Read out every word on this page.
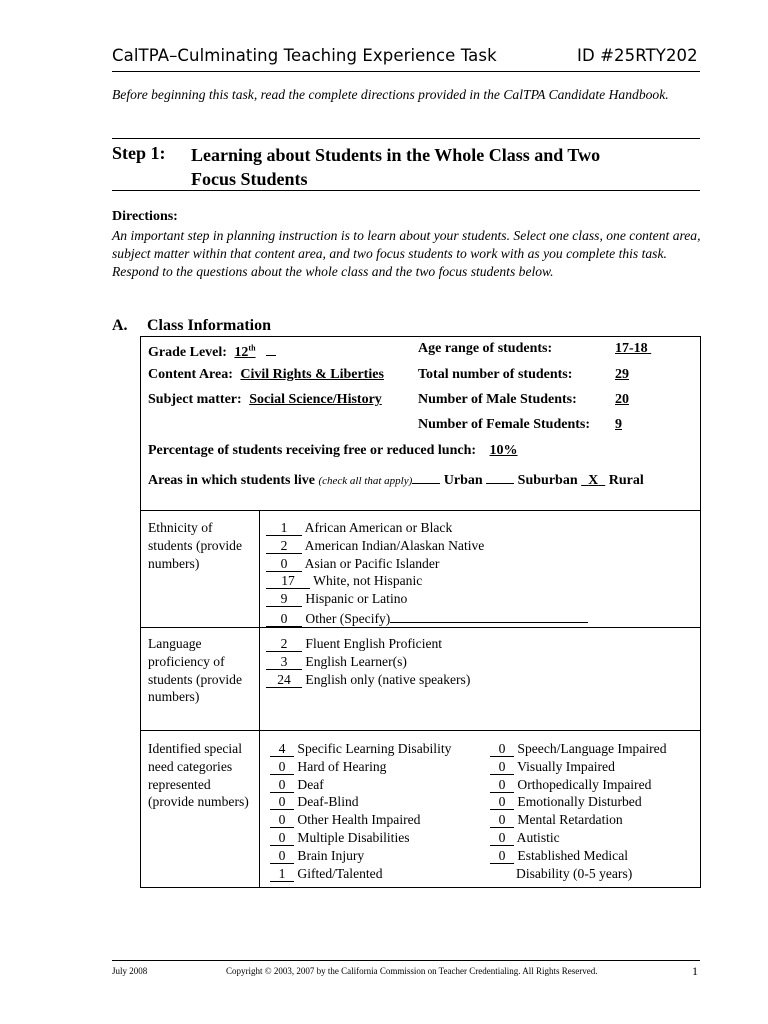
CalTPA–Culminating Teaching Experience Task	ID #25RTY202
Before beginning this task, read the complete directions provided in the CalTPA Candidate Handbook.
Step 1: Learning about Students in the Whole Class and Two
Focus Students
Directions:
An important step in planning instruction is to learn about your students. Select one class, one content area, subject matter within that content area, and two focus students to work with as you complete this task. Respond to the questions about the whole class and the two focus students below.
A. Class Information
Grade Level: 12th
Content Area: Civil Rights & Liberties
Subject matter: Social Science/History
Age range of students:	17-18
Total number of students:	29
Number of Male Students:	20
Number of Female Students: 9
Percentage of students receiving free or reduced lunch: 10%
Areas in which students live (check all that apply) Urban	Suburban X Rural
Ethnicity of students (provide numbers)
1 African American or Black
2 American Indian/Alaskan Native
0 Asian or Pacific Islander
17 White, not Hispanic
9 Hispanic or Latino
0 Other (Specify)
Language proficiency of students (provide numbers)
2 Fluent English Proficient
3 English Learner(s)
24 English only (native speakers)
Identified special need categories represented (provide numbers)
4 Specific Learning Disability
0 Hard of Hearing
0 Deaf
0 Deaf-Blind
0 Other Health Impaired
0 Multiple Disabilities
0 Brain Injury
1 Gifted/Talented
0 Speech/Language Impaired
0 Visually Impaired
0 Orthopedically Impaired
0 Emotionally Disturbed
0 Mental Retardation
0 Autistic
0 Established Medical
Disability (0-5 years)
July 2008	Copyright © 2003, 2007 by the California Commission on Teacher Credentialing. All Rights Reserved.	1
